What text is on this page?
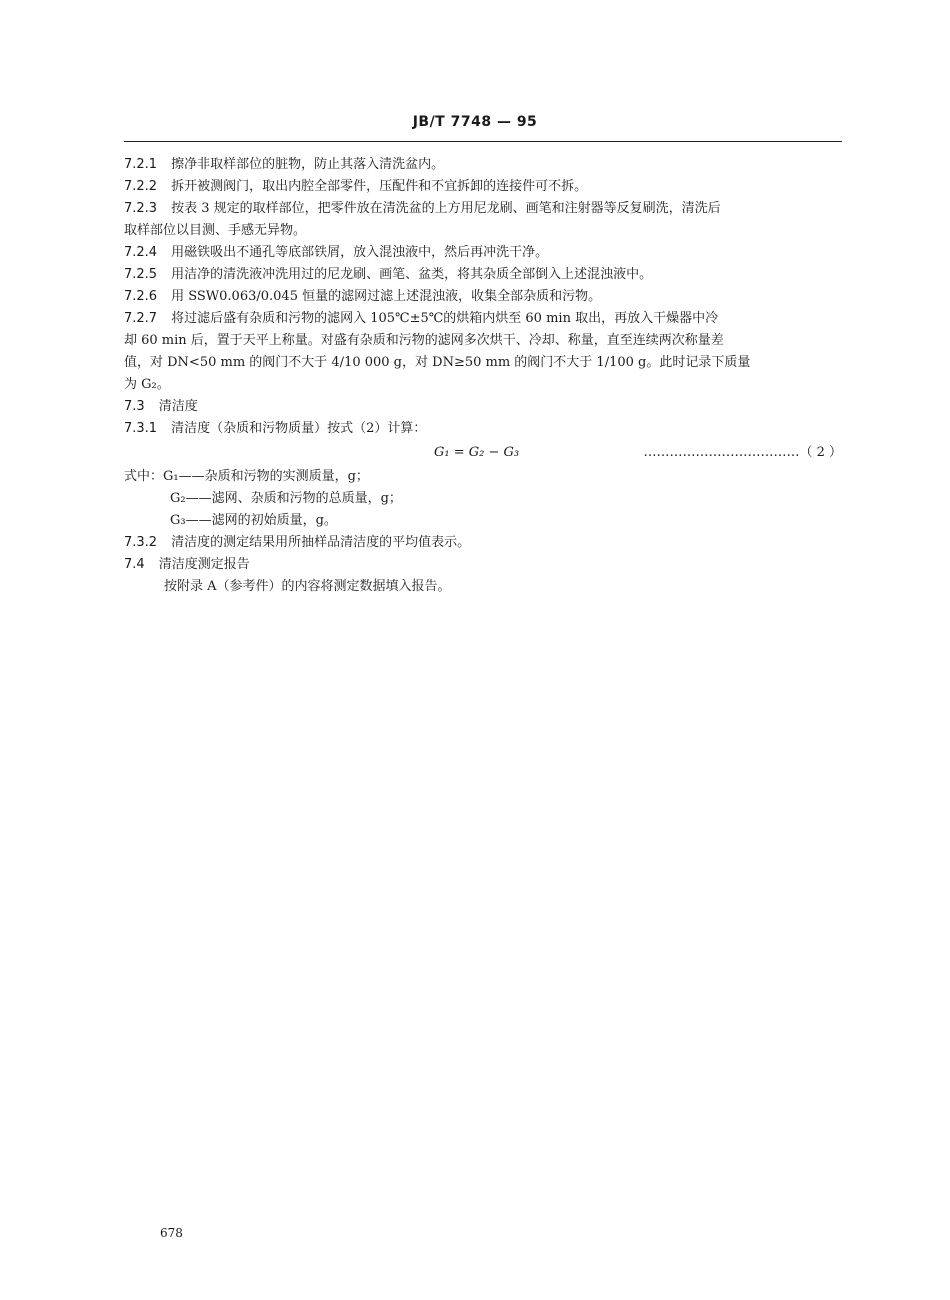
JB/T 7748 — 95
7.2.1 擦净非取样部位的脏物，防止其落入清洗盆内。
7.2.2 拆开被测阀门，取出内腔全部零件，压配件和不宜拆卸的连接件可不拆。
7.2.3 按表 3 规定的取样部位，把零件放在清洗盆的上方用尼龙刷、画笔和注射器等反复刷洗，清洗后
取样部位以目测、手感无异物。
7.2.4 用磁铁吸出不通孔等底部铁屑，放入混浊液中，然后再冲洗干净。
7.2.5 用洁净的清洗液冲洗用过的尼龙刷、画笔、盆类，将其杂质全部倒入上述混浊液中。
7.2.6 用 SSW0.063/0.045 恒量的滤网过滤上述混浊液，收集全部杂质和污物。
7.2.7 将过滤后盛有杂质和污物的滤网入 105℃±5℃的烘箱内烘至 60 min 取出，再放入干燥器中冷
却 60 min 后，置于天平上称量。对盛有杂质和污物的滤网多次烘干、冷却、称量，直至连续两次称量差
值，对 DN<50 mm 的阀门不大于 4/10 000 g，对 DN≥50 mm 的阀门不大于 1/100 g。此时记录下质量
为 G₂。
7.3 清洁度
7.3.1 清洁度（杂质和污物质量）按式（2）计算：
G₁ = G₂ − G₃	………………………………（ 2 ）
式中：G₁——杂质和污物的实测质量，g；
G₂——滤网、杂质和污物的总质量，g；
G₃——滤网的初始质量，g。
7.3.2 清洁度的测定结果用所抽样品清洁度的平均值表示。
7.4 清洁度测定报告
按附录 A（参考件）的内容将测定数据填入报告。
678
